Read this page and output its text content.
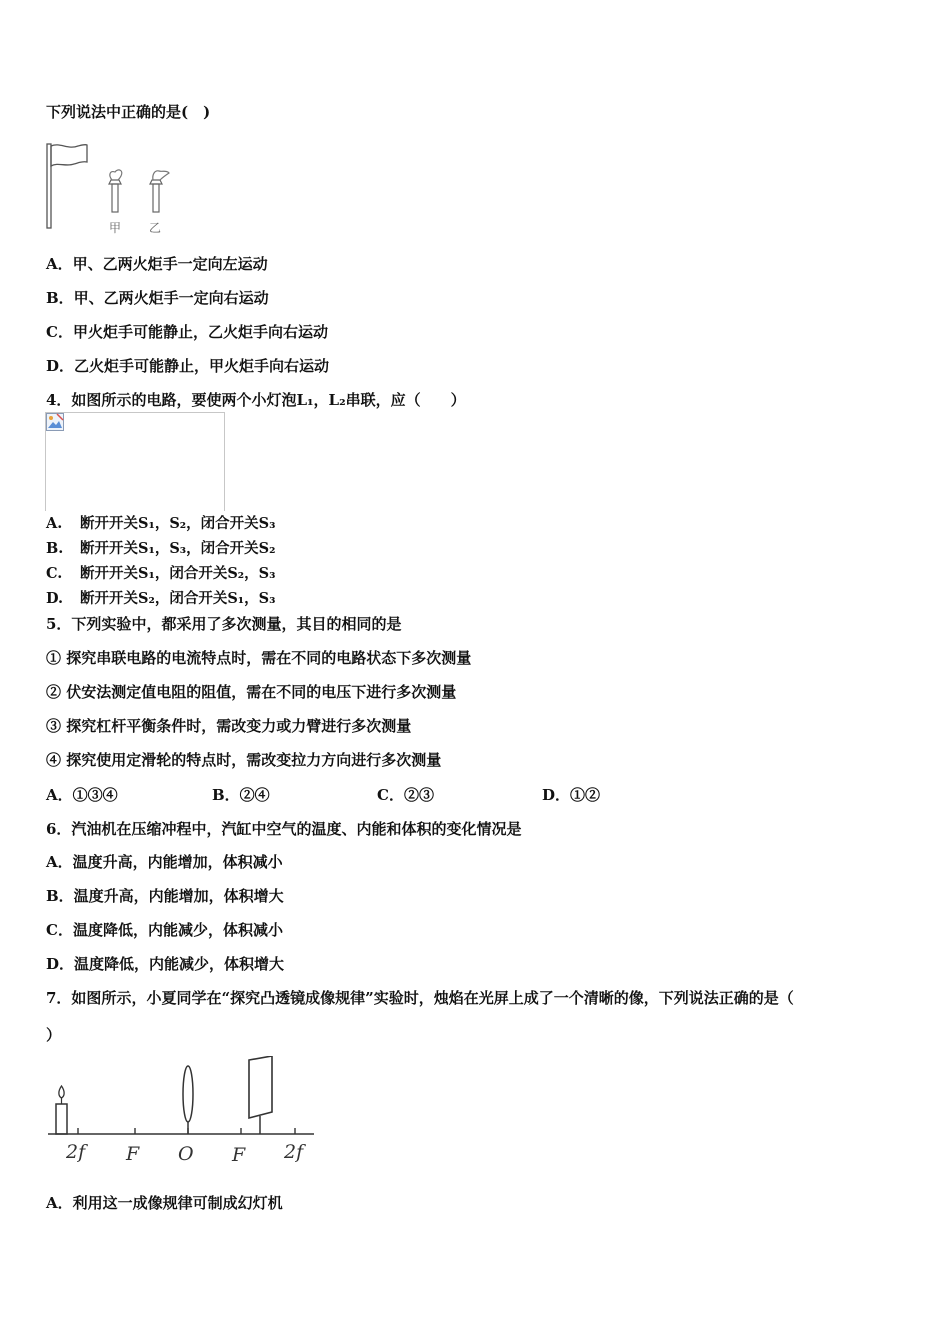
下列说法中正确的是(　)
甲 乙
A．甲、乙两火炬手一定向左运动
B．甲、乙两火炬手一定向右运动
C．甲火炬手可能静止，乙火炬手向右运动
D．乙火炬手可能静止，甲火炬手向右运动
4．如图所示的电路，要使两个小灯泡L₁，L₂串联，应（　　）
A. 断开开关S₁，S₂，闭合开关S₃
B. 断开开关S₁，S₃，闭合开关S₂
C. 断开开关S₁，闭合开关S₂，S₃
D. 断开开关S₂，闭合开关S₁，S₃
5．下列实验中，都采用了多次测量，其目的相同的是
① 探究串联电路的电流特点时，需在不同的电路状态下多次测量
② 伏安法测定值电阻的阻值，需在不同的电压下进行多次测量
③ 探究杠杆平衡条件时，需改变力或力臂进行多次测量
④ 探究使用定滑轮的特点时，需改变拉力方向进行多次测量
A．①③④	B．②④	C．②③	D．①②
6．汽油机在压缩冲程中，汽缸中空气的温度、内能和体积的变化情况是
A．温度升高，内能增加，体积减小
B．温度升高，内能增加，体积增大
C．温度降低，内能减少，体积减小
D．温度降低，内能减少，体积增大
7．如图所示，小夏同学在“探究凸透镜成像规律”实验时，烛焰在光屏上成了一个清晰的像，下列说法正确的是（
）
2f F O F 2f
A．利用这一成像规律可制成幻灯机
